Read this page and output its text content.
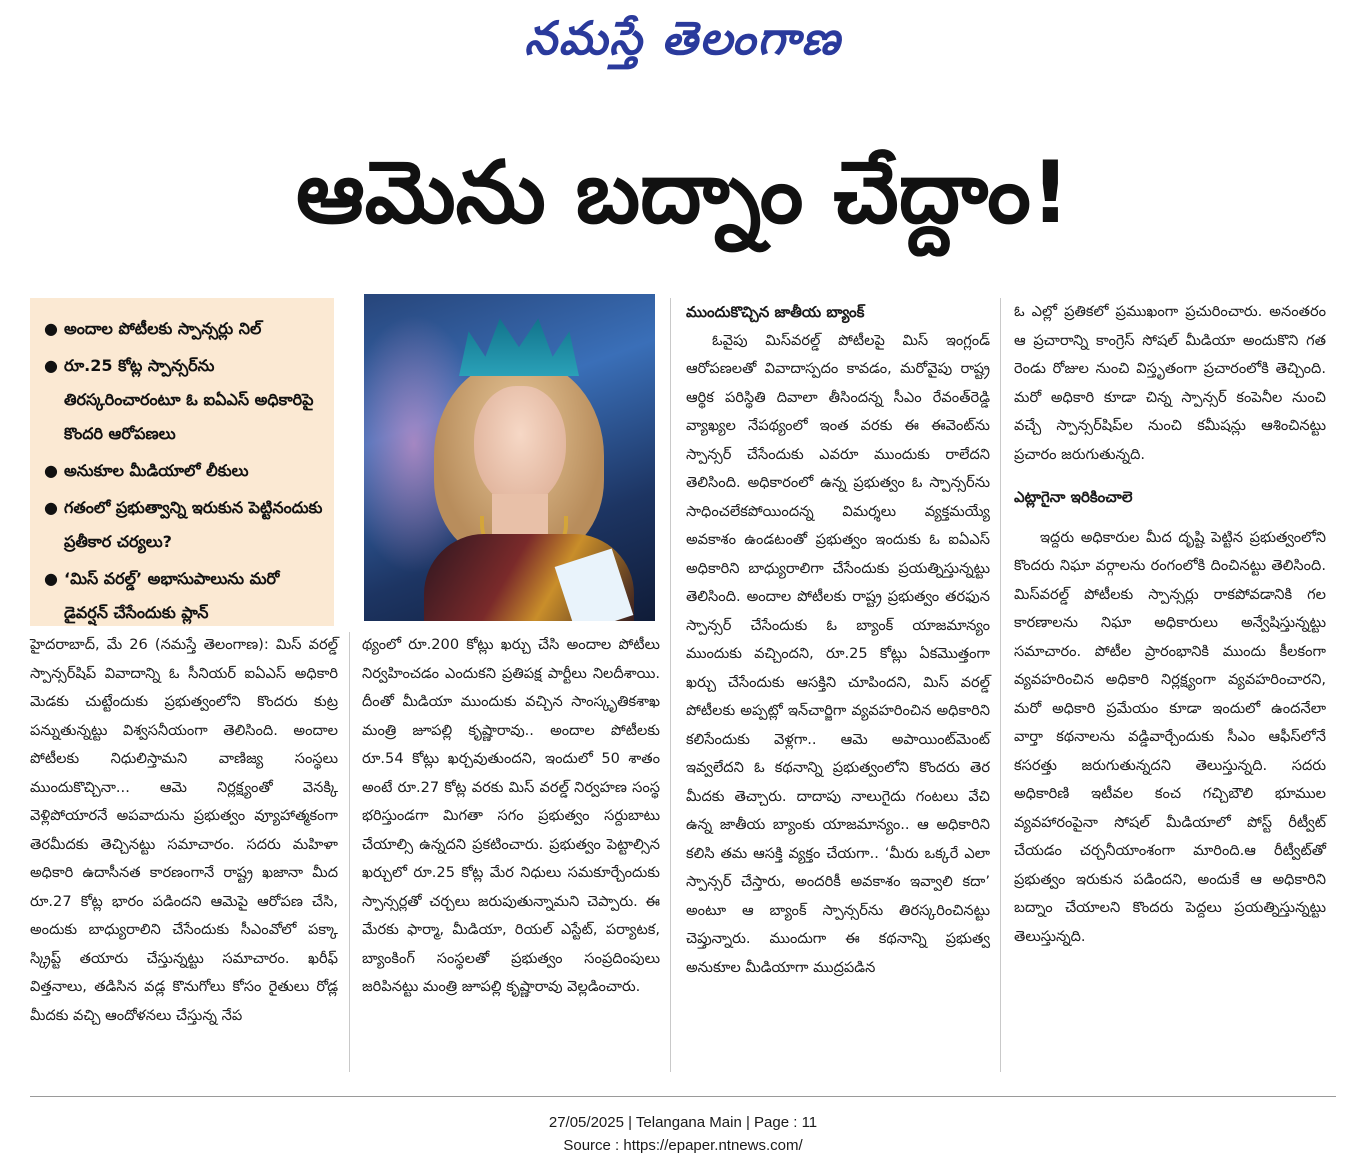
నమస్తే తెలంగాణ
ఆమెను బద్నాం చేద్దాం!
● అందాల పోటీలకు స్పాన్సర్లు నిల్
● రూ.25 కోట్ల స్పాన్సర్‌ను తిరస్కరించారంటూ ఓ ఐఏఎస్ అధికారిపై కొందరి ఆరోపణలు
● అనుకూల మీడియాలో లీకులు
● గతంలో ప్రభుత్వాన్ని ఇరుకున పెట్టినందుకు ప్రతీకార చర్యలు?
● ‘మిస్ వరల్డ్’ అభాసుపాలును మరో డైవర్షన్ చేసేందుకు ప్లాన్

హైదరాబాద్, మే 26 (నమస్తే తెలంగాణ): మిస్ వరల్డ్ స్పాన్సర్‌షిప్ వివాదాన్ని ఓ సీనియర్ ఐఏఎస్ అధికారి మెడకు చుట్టేందుకు ప్రభుత్వంలోని కొందరు కుట్ర పన్నుతున్నట్టు విశ్వసనీయంగా తెలిసింది. అందాల పోటీలకు నిధులిస్తామని వాణిజ్య సంస్థలు ముందుకొచ్చినా... ఆమె నిర్లక్ష్యంతో వెనక్కి వెళ్లిపోయారనే అపవాదును ప్రభుత్వం వ్యూహాత్మకంగా తెరమీదకు తెచ్చినట్టు సమాచారం. సదరు మహిళా అధికారి ఉదాసీనత కారణంగానే రాష్ట్ర ఖజానా మీద రూ.27 కోట్ల భారం పడిందని ఆమెపై ఆరోపణ చేసి, అందుకు బాధ్యురాలిని చేసేందుకు సీఎంవోలో పక్కా స్క్రిప్ట్ తయారు చేస్తున్నట్టు సమాచారం. ఖరీఫ్ విత్తనాలు, తడిసిన వడ్ల కొనుగోలు కోసం రైతులు రోడ్ల మీదకు వచ్చి ఆందోళనలు చేస్తున్న నేప

థ్యంలో రూ.200 కోట్లు ఖర్చు చేసి అందాల పోటీలు నిర్వహించడం ఎందుకని ప్రతిపక్ష పార్టీలు నిలదీశాయి. దీంతో మీడియా ముందుకు వచ్చిన సాంస్కృతికశాఖ మంత్రి జూపల్లి కృష్ణారావు.. అందాల పోటీలకు రూ.54 కోట్లు ఖర్చవుతుందని, ఇందులో 50 శాతం అంటే రూ.27 కోట్ల వరకు మిస్ వరల్డ్ నిర్వహణ సంస్థ భరిస్తుండగా మిగతా సగం ప్రభుత్వం సర్దుబాటు చేయాల్సి ఉన్నదని ప్రకటించారు. ప్రభుత్వం పెట్టాల్సిన ఖర్చులో రూ.25 కోట్ల మేర నిధులు సమకూర్చేందుకు స్పాన్సర్లతో చర్చలు జరుపుతున్నామని చెప్పారు. ఈ మేరకు ఫార్మా, మీడియా, రియల్ ఎస్టేట్, పర్యాటక, బ్యాంకింగ్ సంస్థలతో ప్రభుత్వం సంప్రదింపులు జరిపినట్టు మంత్రి జూపల్లి కృష్ణారావు వెల్లడించారు.

ముందుకొచ్చిన జాతీయ బ్యాంక్

ఓవైపు మిస్‌వరల్డ్ పోటీలపై మిస్ ఇంగ్లండ్ ఆరోపణలతో వివాదాస్పదం కావడం, మరోవైపు రాష్ట్ర ఆర్థిక పరిస్థితి దివాలా తీసిందన్న సీఎం రేవంత్‌రెడ్డి వ్యాఖ్యల నేపథ్యంలో ఇంత వరకు ఈ ఈవెంట్‌ను స్పాన్సర్ చేసేందుకు ఎవరూ ముందుకు రాలేదని తెలిసింది. అధికారంలో ఉన్న ప్రభుత్వం ఓ స్పాన్సర్‌ను సాధించలేకపోయిందన్న విమర్శలు వ్యక్తమయ్యే అవకాశం ఉండటంతో ప్రభుత్వం ఇందుకు ఓ ఐఏఎస్ అధికారిని బాధ్యురాలిగా చేసేందుకు ప్రయత్నిస్తున్నట్టు తెలిసింది. అందాల పోటీలకు రాష్ట్ర ప్రభుత్వం తరఫున స్పాన్సర్ చేసేందుకు ఓ బ్యాంక్ యాజమాన్యం ముందుకు వచ్చిందని, రూ.25 కోట్లు ఏకమొత్తంగా ఖర్చు చేసేందుకు ఆసక్తిని చూపిందని, మిస్ వరల్డ్ పోటీలకు అప్పట్లో ఇన్‌చార్జిగా వ్యవహరించిన అధికారిని కలిసేందుకు వెళ్లగా.. ఆమె అపాయింట్‌మెంట్ ఇవ్వలేదని ఓ కథనాన్ని ప్రభుత్వంలోని కొందరు తెర మీదకు తెచ్చారు. దాదాపు నాలుగైదు గంటలు వేచి ఉన్న జాతీయ బ్యాంకు యాజమాన్యం.. ఆ అధికారిని కలిసి తమ ఆసక్తి వ్యక్తం చేయగా.. ‘మీరు ఒక్కరే ఎలా స్పాన్సర్ చేస్తారు, అందరికీ అవకాశం ఇవ్వాలి కదా’ అంటూ ఆ బ్యాంక్ స్పాన్సర్‌ను తిరస్కరించినట్టు చెప్తున్నారు. ముందుగా ఈ కథనాన్ని ప్రభుత్వ అనుకూల మీడియాగా ముద్రపడిన

ఓ ఎల్లో ప్రతికలో ప్రముఖంగా ప్రచురించారు. అనంతరం ఆ ప్రచారాన్ని కాంగ్రెస్ సోషల్ మీడియా అందుకొని గత రెండు రోజుల నుంచి విస్తృతంగా ప్రచారంలోకి తెచ్చింది. మరో అధికారి కూడా చిన్న స్పాన్సర్ కంపెనీల నుంచి వచ్చే స్పాన్సర్‌షిప్‌ల నుంచి కమీషన్లు ఆశించినట్టు ప్రచారం జరుగుతున్నది.

ఎట్లాగైనా ఇరికించాలె

ఇద్దరు అధికారుల మీద దృష్టి పెట్టిన ప్రభుత్వంలోని కొందరు నిఘా వర్గాలను రంగంలోకి దించినట్టు తెలిసింది. మిస్‌వరల్డ్ పోటీలకు స్పాన్సర్లు రాకపోవడానికి గల కారణాలను నిఘా అధికారులు అన్వేషిస్తున్నట్టు సమాచారం. పోటీల ప్రారంభానికి ముందు కీలకంగా వ్యవహరించిన అధికారి నిర్లక్ష్యంగా వ్యవహరించారని, మరో అధికారి ప్రమేయం కూడా ఇందులో ఉందనేలా వార్తా కథనాలను వడ్డివార్చేందుకు సీఎం ఆఫీస్‌లోనే కసరత్తు జరుగుతున్నదని తెలుస్తున్నది. సదరు అధికారిణి ఇటీవల కంచ గచ్చిబౌలి భూముల వ్యవహారంపైనా సోషల్ మీడియాలో పోస్ట్ రీట్వీట్ చేయడం చర్చనీయాంశంగా మారింది.ఆ రీట్వీట్‌తో ప్రభుత్వం ఇరుకున పడిందని, అందుకే ఆ అధికారిని బద్నాం చేయాలని కొందరు పెద్దలు ప్రయత్నిస్తున్నట్టు తెలుస్తున్నది.

27/05/2025 | Telangana Main | Page : 11
Source : https://epaper.ntnews.com/
